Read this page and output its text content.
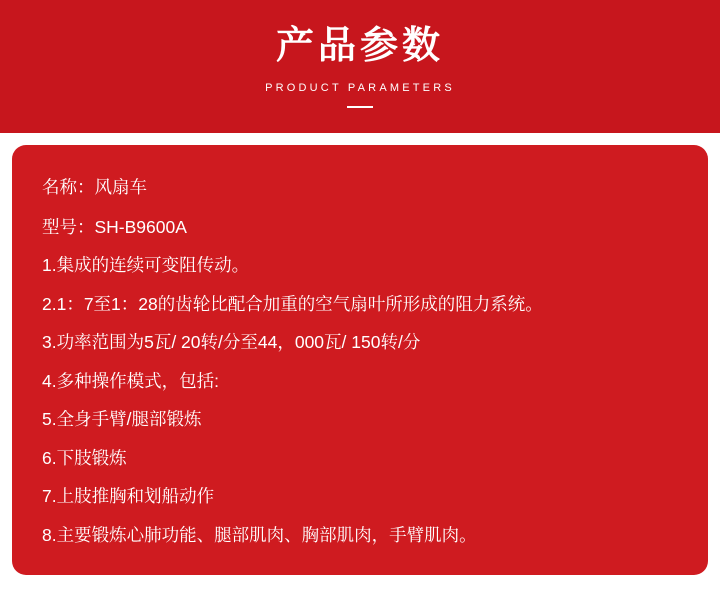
产品参数
PRODUCT PARAMETERS
名称：风扇车
型号：SH-B9600A
1.集成的连续可变阻传动。
2.1：7至1：28的齿轮比配合加重的空气扇叶所形成的阻力系统。
3.功率范围为5瓦/ 20转/分至44，000瓦/ 150转/分
4.多种操作模式，包括:
5.全身手臂/腿部锻炼
6.下肢锻炼
7.上肢推胸和划船动作
8.主要锻炼心肺功能、腿部肌肉、胸部肌肉，手臂肌肉。
